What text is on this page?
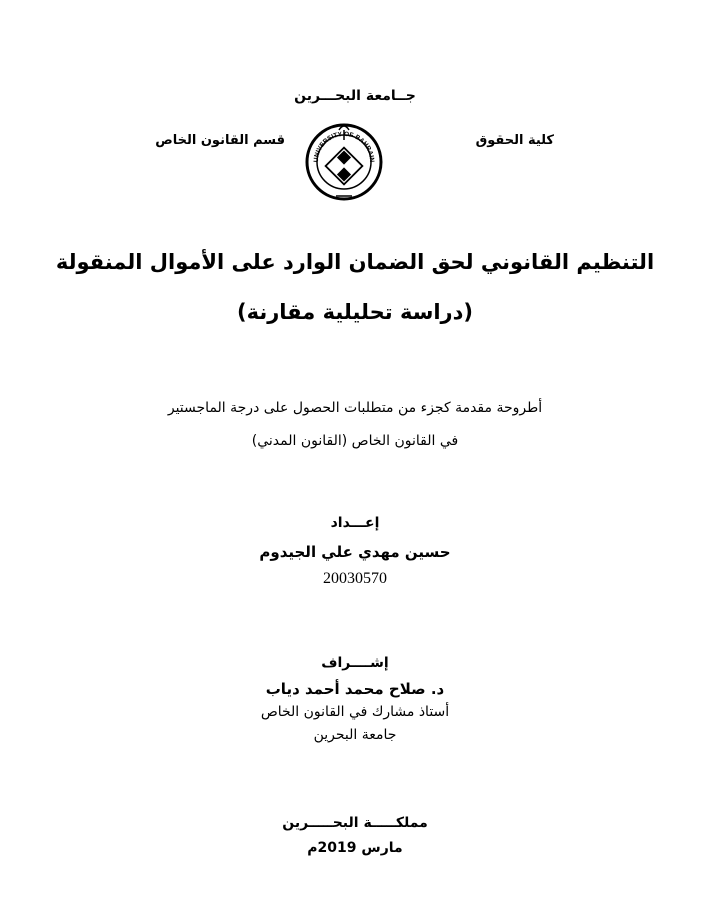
جــامعة البحـــرين
كلية الحقوق
قسم القانون الخاص
UNIVERSITY OF BAHRAIN
التنظيم القانوني لحق الضمان الوارد على الأموال المنقولة
(دراسة تحليلية مقارنة)
أطروحة مقدمة كجزء من متطلبات الحصول على درجة الماجستير
في القانون الخاص (القانون المدني)
إعـــداد
حسين مهدي علي الجيدوم
20030570
إشــــراف
د. صلاح محمد أحمد دياب
أستاذ مشارك في القانون الخاص
جامعة البحرين
مملكـــــة البحـــــرين
مارس 2019م
